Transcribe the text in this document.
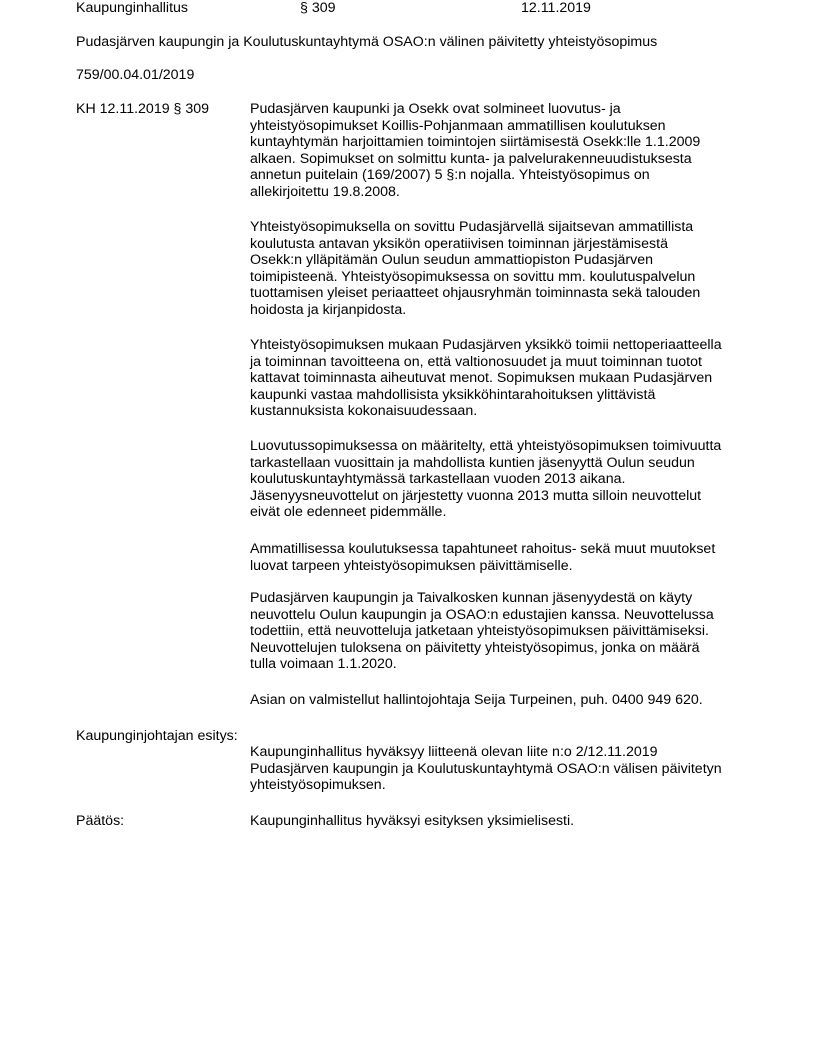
Kaupunginhallitus	§ 309	12.11.2019
Pudasjärven kaupungin ja Koulutuskuntayhtymä OSAO:n välinen päivitetty yhteistyösopimus
759/00.04.01/2019
KH 12.11.2019 § 309	Pudasjärven kaupunki ja Osekk ovat solmineet luovutus- ja
yhteistyösopimukset Koillis-Pohjanmaan ammatillisen koulutuksen
kuntayhtymän harjoittamien toimintojen siirtämisestä Osekk:lle 1.1.2009
alkaen. Sopimukset on solmittu kunta- ja palvelurakenneuudistuksesta
annetun puitelain (169/2007) 5 §:n nojalla. Yhteistyösopimus on
allekirjoitettu 19.8.2008.
Yhteistyösopimuksella on sovittu Pudasjärvellä sijaitsevan ammatillista
koulutusta antavan yksikön operatiivisen toiminnan järjestämisestä
Osekk:n ylläpitämän Oulun seudun ammattiopiston Pudasjärven
toimipisteenä. Yhteistyösopimuksessa on sovittu mm. koulutuspalvelun
tuottamisen yleiset periaatteet ohjausryhmän toiminnasta sekä talouden
hoidosta ja kirjanpidosta.
Yhteistyösopimuksen mukaan Pudasjärven yksikkö toimii nettoperiaatteella
ja toiminnan tavoitteena on, että valtionosuudet ja muut toiminnan tuotot
kattavat toiminnasta aiheutuvat menot. Sopimuksen mukaan Pudasjärven
kaupunki vastaa mahdollisista yksikköhintarahoituksen ylittävistä
kustannuksista kokonaisuudessaan.
Luovutussopimuksessa on määritelty, että yhteistyösopimuksen toimivuutta
tarkastellaan vuosittain ja mahdollista kuntien jäsenyyttä Oulun seudun
koulutuskuntayhtymässä tarkastellaan vuoden 2013 aikana.
Jäsenyysneuvottelut on järjestetty vuonna 2013 mutta silloin neuvottelut
eivät ole edenneet pidemmälle.
Ammatillisessa koulutuksessa tapahtuneet rahoitus- sekä muut muutokset
luovat tarpeen yhteistyösopimuksen päivittämiselle.
Pudasjärven kaupungin ja Taivalkosken kunnan jäsenyydestä on käyty
neuvottelu Oulun kaupungin ja OSAO:n edustajien kanssa. Neuvottelussa
todettiin, että neuvotteluja jatketaan yhteistyösopimuksen päivittämiseksi.
Neuvottelujen tuloksena on päivitetty yhteistyösopimus, jonka on määrä
tulla voimaan 1.1.2020.
Asian on valmistellut hallintojohtaja Seija Turpeinen, puh. 0400 949 620.
Kaupunginjohtajan esitys:
Kaupunginhallitus hyväksyy liitteenä olevan liite n:o 2/12.11.2019
Pudasjärven kaupungin ja Koulutuskuntayhtymä OSAO:n välisen päivitetyn
yhteistyösopimuksen.
Päätös:	Kaupunginhallitus hyväksyi esityksen yksimielisesti.
